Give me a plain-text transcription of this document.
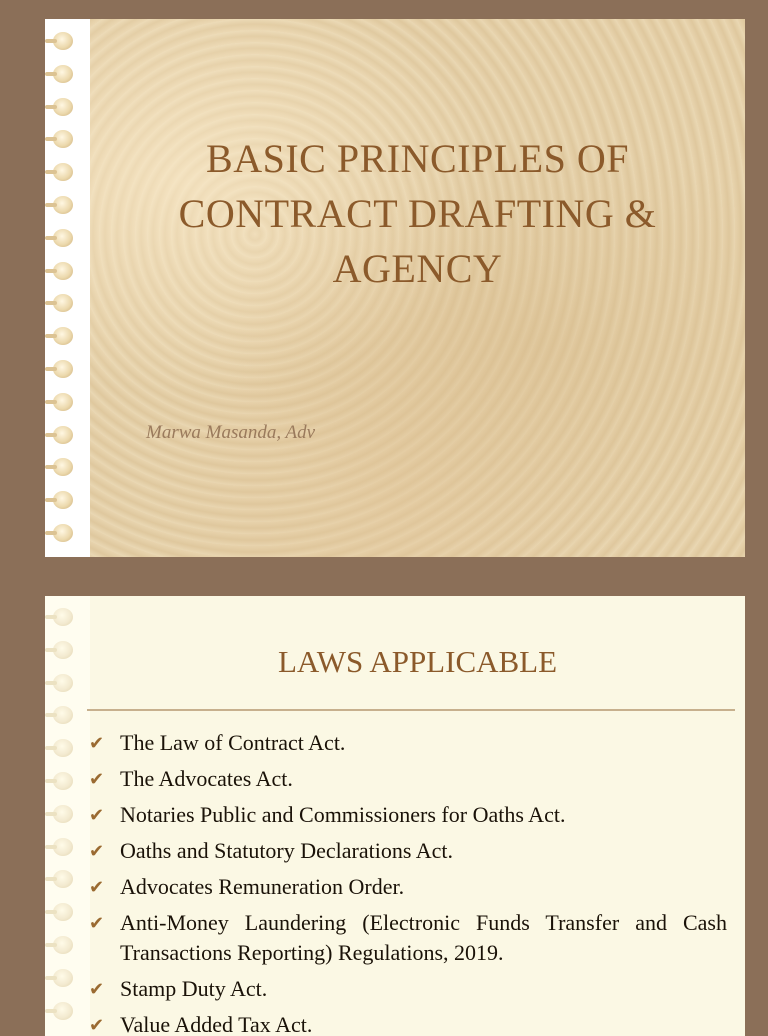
BASIC PRINCIPLES OF
CONTRACT DRAFTING &
AGENCY
Marwa Masanda, Adv
LAWS APPLICABLE
✔ The Law of Contract Act.
✔ The Advocates Act.
✔ Notaries Public and Commissioners for Oaths Act.
✔ Oaths and Statutory Declarations Act.
✔ Advocates Remuneration Order.
✔ Anti-Money Laundering (Electronic Funds Transfer and Cash Transactions Reporting) Regulations, 2019.
✔ Stamp Duty Act.
✔ Value Added Tax Act.
